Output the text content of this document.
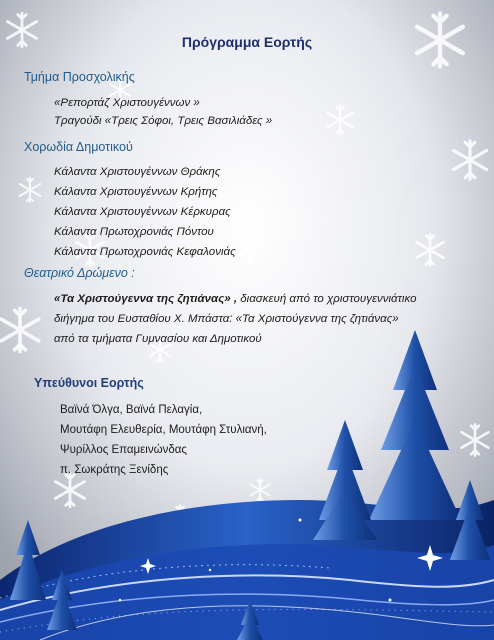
Πρόγραμμα Εορτής
Τμήμα Προσχολικής
«Ρεπορτάζ Χριστουγέννων »
Τραγούδι «Τρεις Σόφοι, Τρεις Βασιλιάδες »
Χορωδία Δημοτικού
Κάλαντα Χριστουγέννων Θράκης
Κάλαντα Χριστουγέννων Κρήτης
Κάλαντα Χριστουγέννων Κέρκυρας
Κάλαντα Πρωτοχρονιάς Πόντου
Κάλαντα Πρωτοχρονιάς Κεφαλονιάς
Θεατρικό Δρώμενο :
«Τα Χριστούγεννα της ζητιάνας» , διασκευή από το χριστουγεννιάτικο
διήγημα του Ευσταθίου Χ. Μπάστα: «Τα Χριστούγεννα της ζητιάνας»
από τα τμήματα Γυμνασίου και Δημοτικού
Υπεύθυνοι Εορτής
Βαϊνά Όλγα, Βαϊνά Πελαγία,
Μουτάφη Ελευθερία, Μουτάφη Στυλιανή,
Ψυρίλλος Επαμεινώνδας
π. Σωκράτης Ξενίδης
